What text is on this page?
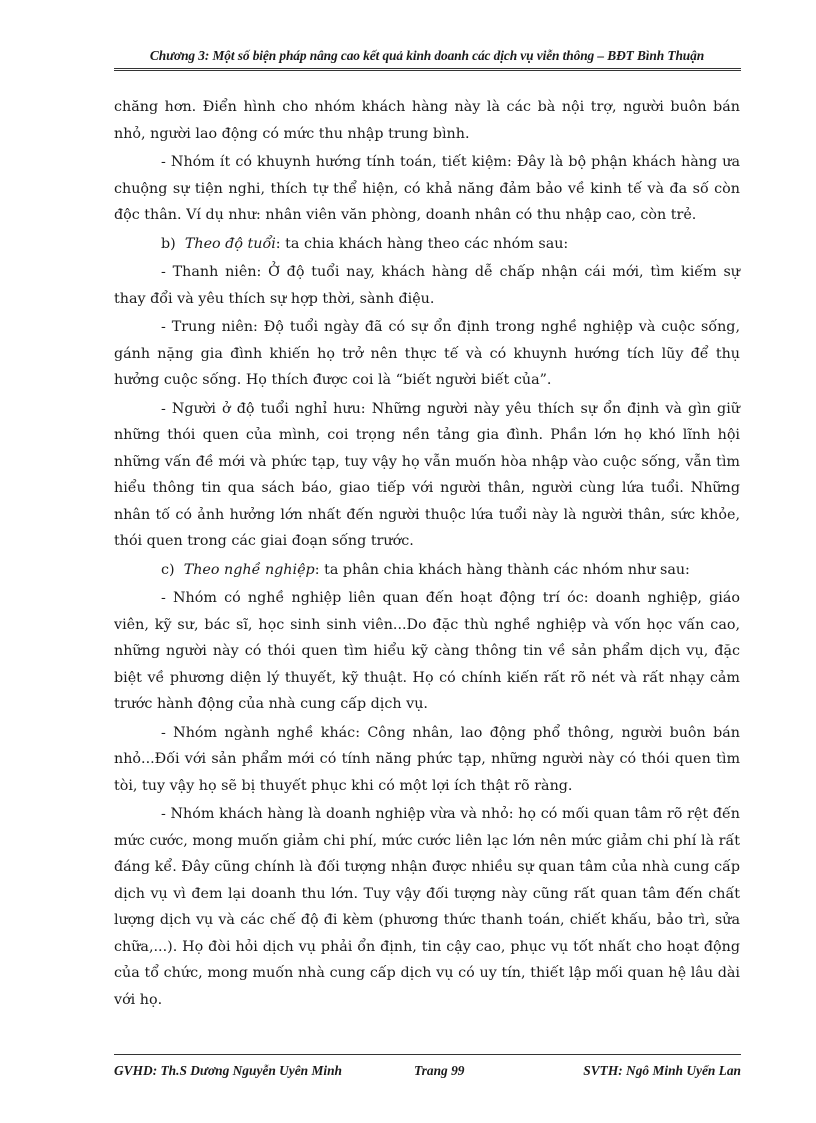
Chương 3: Một số biện pháp nâng cao kết quả kinh doanh các dịch vụ viễn thông – BĐT Bình Thuận

chăng hơn. Điển hình cho nhóm khách hàng này là các bà nội trợ, người buôn bán nhỏ, người lao động có mức thu nhập trung bình.

- Nhóm ít có khuynh hướng tính toán, tiết kiệm: Đây là bộ phận khách hàng ưa chuộng sự tiện nghi, thích tự thể hiện, có khả năng đảm bảo về kinh tế và đa số còn độc thân. Ví dụ như: nhân viên văn phòng, doanh nhân có thu nhập cao, còn trẻ.

b) Theo độ tuổi: ta chia khách hàng theo các nhóm sau:

- Thanh niên: Ở độ tuổi nay, khách hàng dễ chấp nhận cái mới, tìm kiếm sự thay đổi và yêu thích sự hợp thời, sành điệu.

- Trung niên: Độ tuổi ngày đã có sự ổn định trong nghề nghiệp và cuộc sống, gánh nặng gia đình khiến họ trở nên thực tế và có khuynh hướng tích lũy để thụ hưởng cuộc sống. Họ thích được coi là “biết người biết của”.

- Người ở độ tuổi nghỉ hưu: Những người này yêu thích sự ổn định và gìn giữ những thói quen của mình, coi trọng nền tảng gia đình. Phần lớn họ khó lĩnh hội những vấn đề mới và phức tạp, tuy vậy họ vẫn muốn hòa nhập vào cuộc sống, vẫn tìm hiểu thông tin qua sách báo, giao tiếp với người thân, người cùng lứa tuổi. Những nhân tố có ảnh hưởng lớn nhất đến người thuộc lứa tuổi này là người thân, sức khỏe, thói quen trong các giai đoạn sống trước.

c) Theo nghề nghiệp: ta phân chia khách hàng thành các nhóm như sau:

- Nhóm có nghề nghiệp liên quan đến hoạt động trí óc: doanh nghiệp, giáo viên, kỹ sư, bác sĩ, học sinh sinh viên...Do đặc thù nghề nghiệp và vốn học vấn cao, những người này có thói quen tìm hiểu kỹ càng thông tin về sản phẩm dịch vụ, đặc biệt về phương diện lý thuyết, kỹ thuật. Họ có chính kiến rất rõ nét và rất nhạy cảm trước hành động của nhà cung cấp dịch vụ.

- Nhóm ngành nghề khác: Công nhân, lao động phổ thông, người buôn bán nhỏ...Đối với sản phẩm mới có tính năng phức tạp, những người này có thói quen tìm tòi, tuy vậy họ sẽ bị thuyết phục khi có một lợi ích thật rõ ràng.

- Nhóm khách hàng là doanh nghiệp vừa và nhỏ: họ có mối quan tâm rõ rệt đến mức cước, mong muốn giảm chi phí, mức cước liên lạc lớn nên mức giảm chi phí là rất đáng kể. Đây cũng chính là đối tượng nhận được nhiều sự quan tâm của nhà cung cấp dịch vụ vì đem lại doanh thu lớn. Tuy vậy đối tượng này cũng rất quan tâm đến chất lượng dịch vụ và các chế độ đi kèm (phương thức thanh toán, chiết khấu, bảo trì, sửa chữa,...). Họ đòi hỏi dịch vụ phải ổn định, tin cậy cao, phục vụ tốt nhất cho hoạt động của tổ chức, mong muốn nhà cung cấp dịch vụ có uy tín, thiết lập mối quan hệ lâu dài với họ.

GVHD: Th.S Dương Nguyễn Uyên Minh	Trang 99	SVTH: Ngô Minh Uyển Lan
